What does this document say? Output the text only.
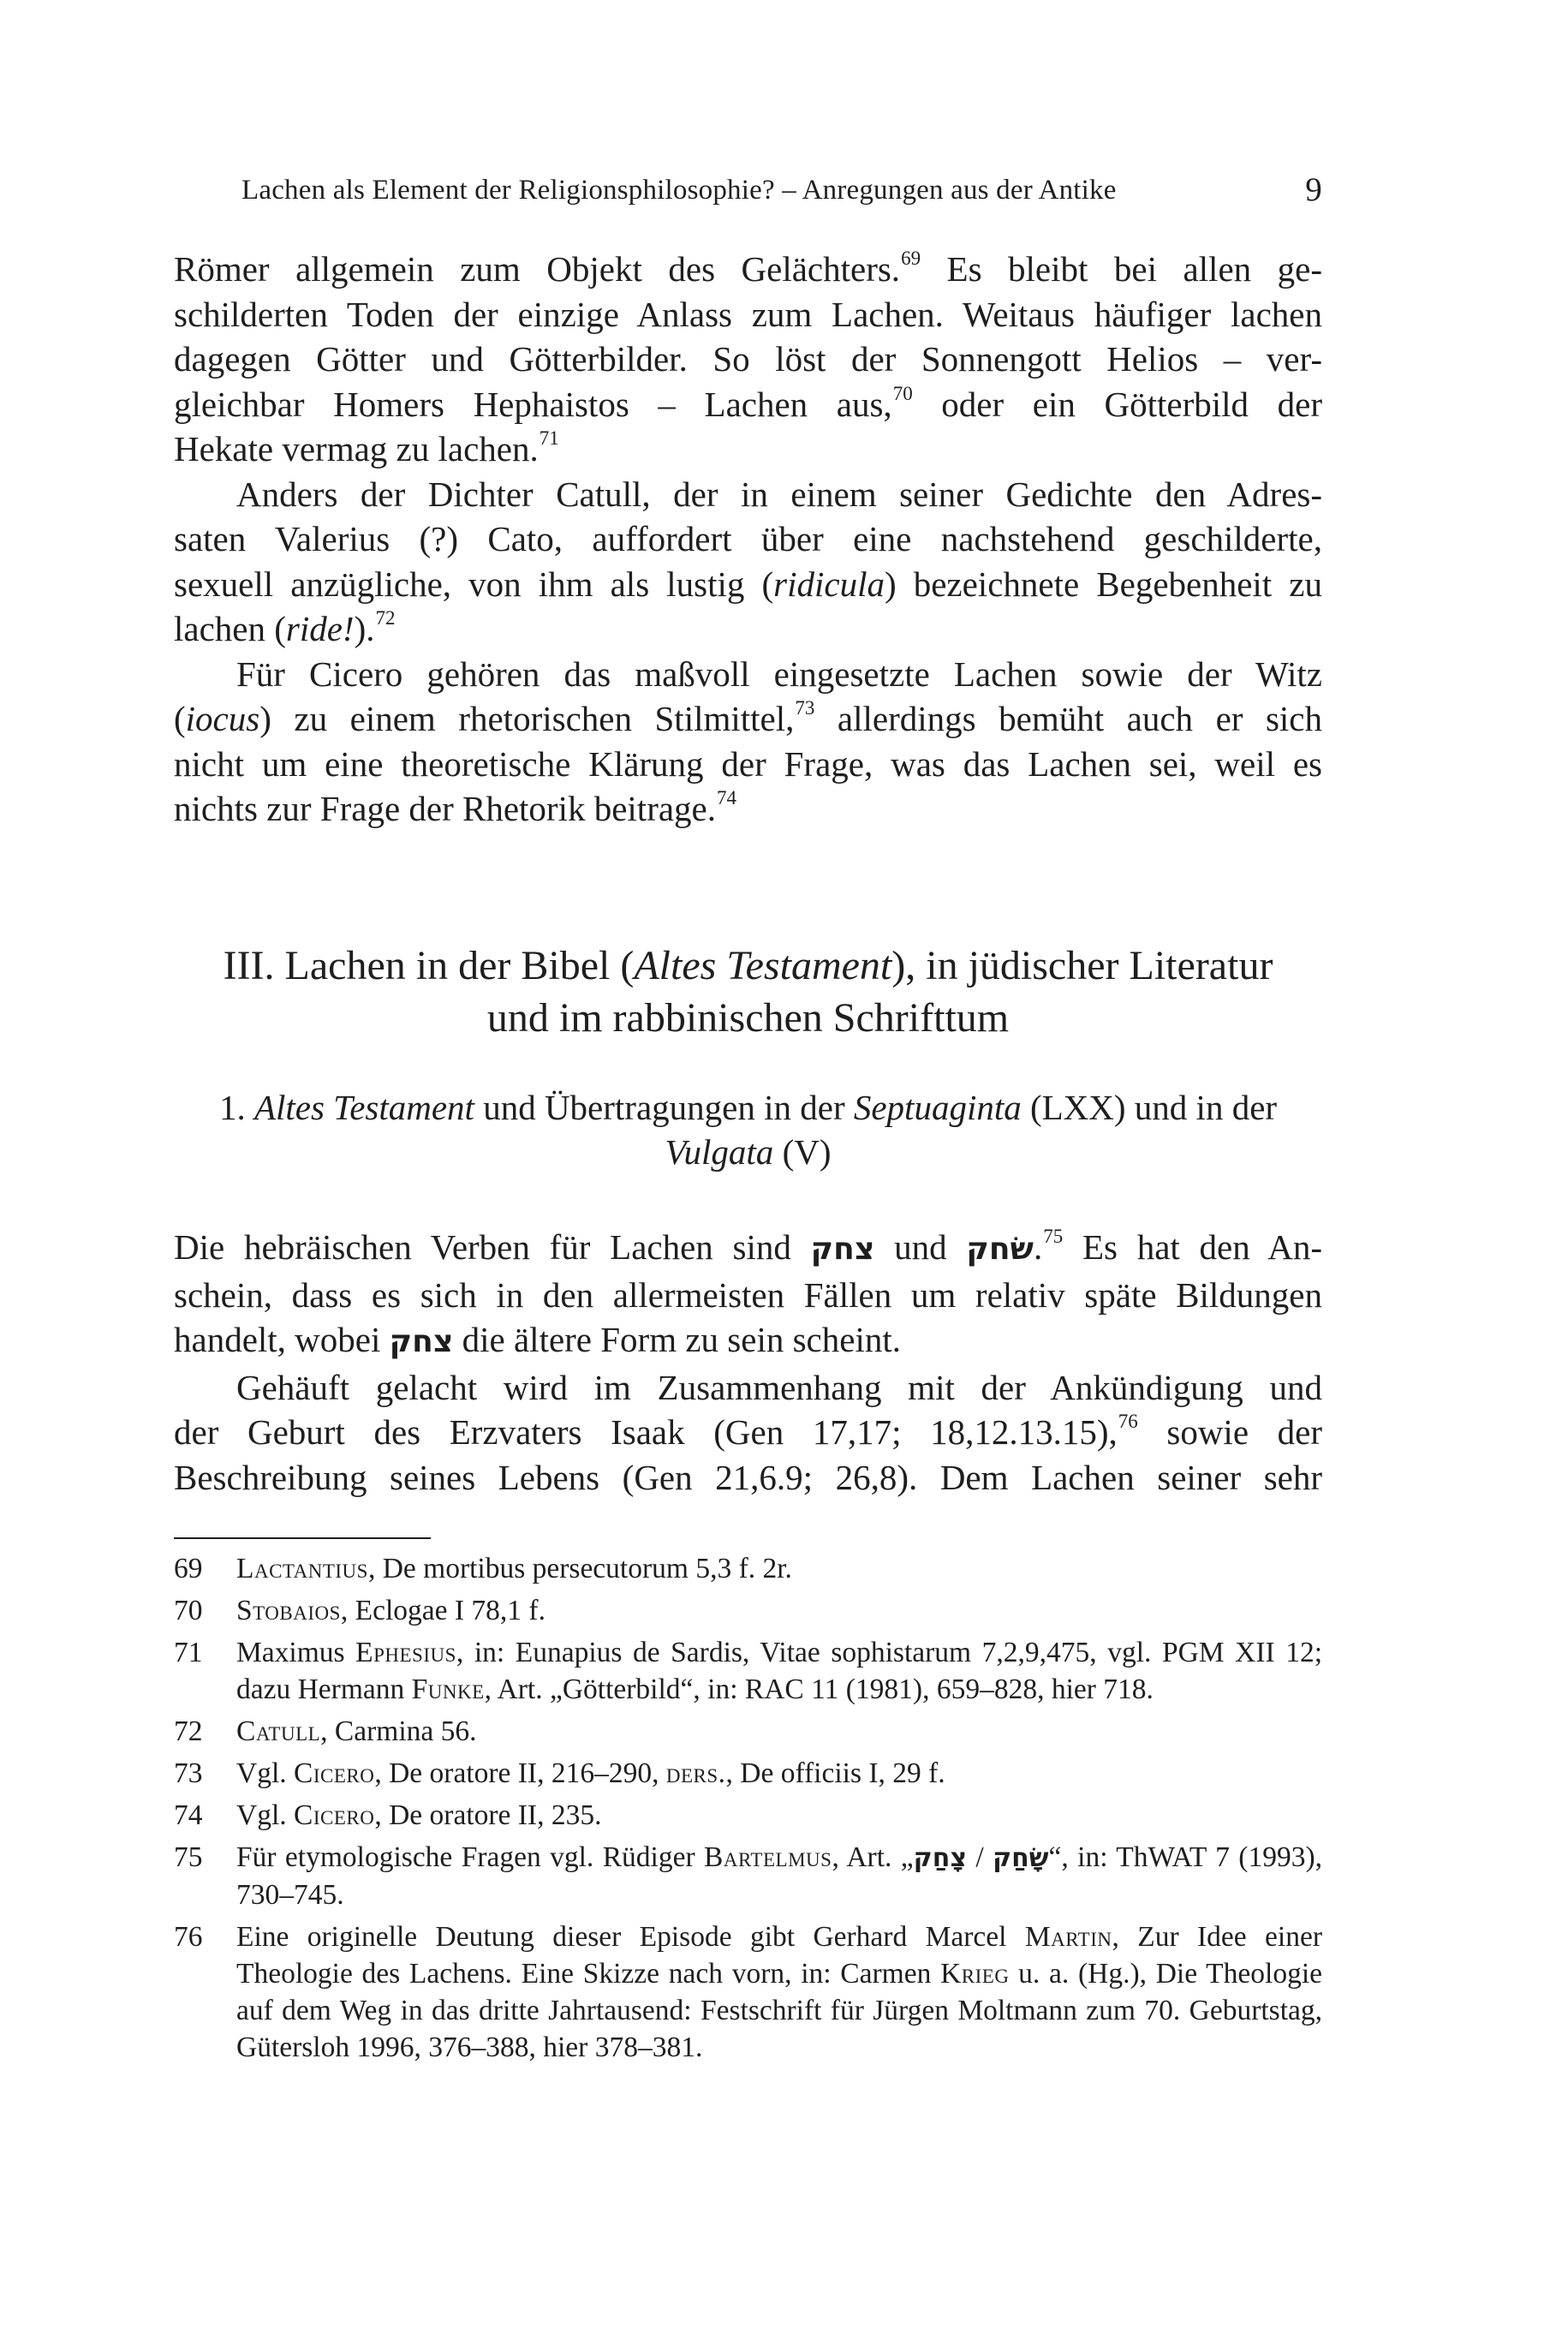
Lachen als Element der Religionsphilosophie? – Anregungen aus der Antike	9

Römer allgemein zum Objekt des Gelächters.$^{69}$ Es bleibt bei allen ge-
schilderten Toden der einzige Anlass zum Lachen. Weitaus häufiger lachen
dagegen Götter und Götterbilder. So löst der Sonnengott Helios – ver-
gleichbar Homers Hephaistos – Lachen aus,$^{70}$ oder ein Götterbild der
Hekate vermag zu lachen.$^{71}$

Anders der Dichter Catull, der in einem seiner Gedichte den Adres-
saten Valerius (?) Cato, auffordert über eine nachstehend geschilderte,
sexuell anzügliche, von ihm als lustig (ridicula) bezeichnete Begebenheit zu
lachen (ride!).$^{72}$

Für Cicero gehören das maßvoll eingesetzte Lachen sowie der Witz
(iocus) zu einem rhetorischen Stilmittel,$^{73}$ allerdings bemüht auch er sich
nicht um eine theoretische Klärung der Frage, was das Lachen sei, weil es
nichts zur Frage der Rhetorik beitrage.$^{74}$

III. Lachen in der Bibel (Altes Testament), in jüdischer Literatur
und im rabbinischen Schrifttum
1. Altes Testament und Übertragungen in der Septuaginta (LXX) und in der
Vulgata (V)

Die hebräischen Verben für Lachen sind צחק und שׂחק.$^{75}$ Es hat den An-
schein, dass es sich in den allermeisten Fällen um relativ späte Bildungen
handelt, wobei צחק die ältere Form zu sein scheint.

Gehäuft gelacht wird im Zusammenhang mit der Ankündigung und
der Geburt des Erzvaters Isaak (Gen 17,17; 18,12.13.15),$^{76}$ sowie der
Beschreibung seines Lebens (Gen 21,6.9; 26,8). Dem Lachen seiner sehr

69 Lactantius, De mortibus persecutorum 5,3 f. 2r.
70 Stobaios, Eclogae I 78,1 f.
71 Maximus Ephesius, in: Eunapius de Sardis, Vitae sophistarum 7,2,9,475, vgl. PGM XII 12; dazu Hermann Funke, Art. „Götterbild“, in: RAC 11 (1981), 659–828, hier 718.
72 Catull, Carmina 56.
73 Vgl. Cicero, De oratore II, 216–290, ders., De officiis I, 29 f.
74 Vgl. Cicero, De oratore II, 235.
75 Für etymologische Fragen vgl. Rüdiger Bartelmus, Art. „צָחַק / שָׂחַק“, in: ThWAT 7 (1993), 730–745.
76 Eine originelle Deutung dieser Episode gibt Gerhard Marcel Martin, Zur Idee einer Theologie des Lachens. Eine Skizze nach vorn, in: Carmen Krieg u. a. (Hg.), Die Theologie auf dem Weg in das dritte Jahrtausend: Festschrift für Jürgen Moltmann zum 70. Geburtstag, Gütersloh 1996, 376–388, hier 378–381.
